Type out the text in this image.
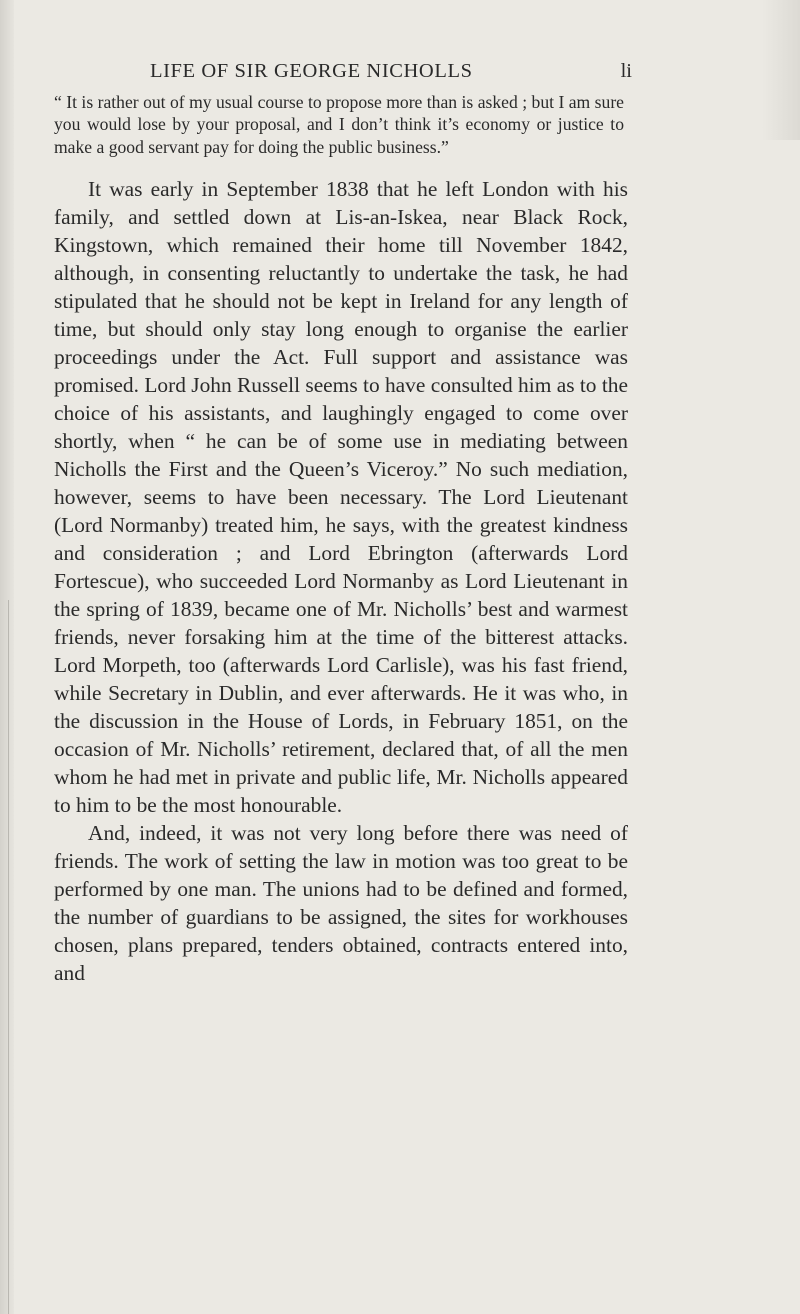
LIFE OF SIR GEORGE NICHOLLS	li
“ It is rather out of my usual course to propose more than is asked ; but I am sure you would lose by your proposal, and I don’t think it’s economy or justice to make a good servant pay for doing the public business.”

It was early in September 1838 that he left London with his family, and settled down at Lis-an-Iskea, near Black Rock, Kingstown, which remained their home till November 1842, although, in consenting reluctantly to undertake the task, he had stipulated that he should not be kept in Ireland for any length of time, but should only stay long enough to organise the earlier proceedings under the Act. Full support and assistance was promised. Lord John Russell seems to have consulted him as to the choice of his assistants, and laughingly engaged to come over shortly, when “ he can be of some use in mediating between Nicholls the First and the Queen’s Viceroy.” No such mediation, however, seems to have been necessary. The Lord Lieutenant (Lord Normanby) treated him, he says, with the greatest kindness and consideration ; and Lord Ebrington (afterwards Lord Fortescue), who succeeded Lord Normanby as Lord Lieutenant in the spring of 1839, became one of Mr. Nicholls’ best and warmest friends, never forsaking him at the time of the bitterest attacks. Lord Morpeth, too (afterwards Lord Carlisle), was his fast friend, while Secretary in Dublin, and ever afterwards. He it was who, in the discussion in the House of Lords, in February 1851, on the occasion of Mr. Nicholls’ retirement, declared that, of all the men whom he had met in private and public life, Mr. Nicholls appeared to him to be the most honourable.

And, indeed, it was not very long before there was need of friends. The work of setting the law in motion was too great to be performed by one man. The unions had to be defined and formed, the number of guardians to be assigned, the sites for workhouses chosen, plans prepared, tenders obtained, contracts entered into, and
